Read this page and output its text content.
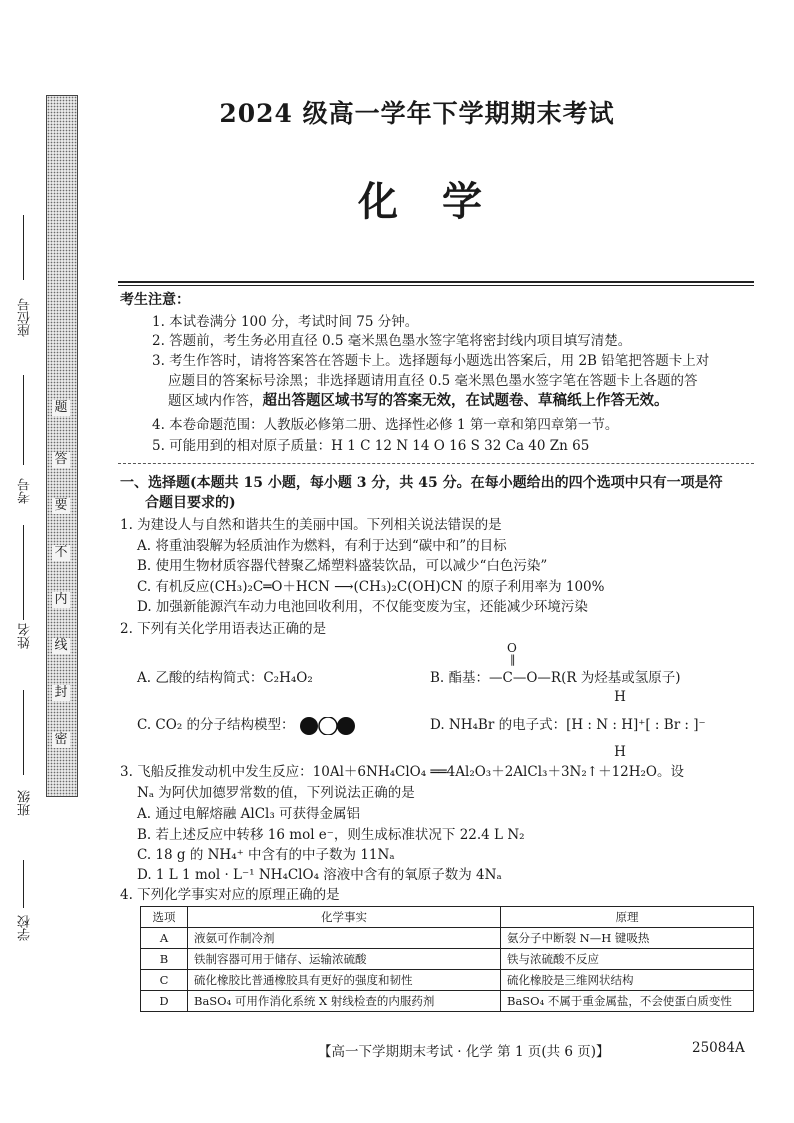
题
答
要
不
内
线
封
密
座位号
考号
姓名
班级
学校
2024 级高一学年下学期期末考试
化学
考生注意：
1. 本试卷满分 100 分，考试时间 75 分钟。
2. 答题前，考生务必用直径 0.5 毫米黑色墨水签字笔将密封线内项目填写清楚。
3. 考生作答时，请将答案答在答题卡上。选择题每小题选出答案后，用 2B 铅笔把答题卡上对
应题目的答案标号涂黑；非选择题请用直径 0.5 毫米黑色墨水签字笔在答题卡上各题的答
题区域内作答，超出答题区域书写的答案无效，在试题卷、草稿纸上作答无效。
4. 本卷命题范围：人教版必修第二册、选择性必修 1 第一章和第四章第一节。
5. 可能用到的相对原子质量：H 1 C 12 N 14 O 16 S 32 Ca 40 Zn 65
一、选择题(本题共 15 小题，每小题 3 分，共 45 分。在每小题给出的四个选项中只有一项是符
合题目要求的)
1. 为建设人与自然和谐共生的美丽中国。下列相关说法错误的是
A. 将重油裂解为轻质油作为燃料，有利于达到“碳中和”的目标
B. 使用生物材质容器代替聚乙烯塑料盛装饮品，可以减少“白色污染”
C. 有机反应(CH₃)₂C═O＋HCN ⟶(CH₃)₂C(OH)CN 的原子利用率为 100%
D. 加强新能源汽车动力电池回收利用，不仅能变废为宝，还能减少环境污染
2. 下列有关化学用语表达正确的是
A. 乙酸的结构简式：C₂H₄O₂	B. 酯基：
O
‖
—C—O—R(R 为烃基或氢原子)
C. CO₂ 的分子结构模型：	D. NH₄Br 的电子式：
H
H
[H : N : H]⁺[ : Br : ]⁻
3. 飞船反推发动机中发生反应：10Al＋6NH₄ClO₄ ══4Al₂O₃＋2AlCl₃＋3N₂↑＋12H₂O。设
Nₐ 为阿伏加德罗常数的值，下列说法正确的是
A. 通过电解熔融 AlCl₃ 可获得金属铝
B. 若上述反应中转移 16 mol e⁻，则生成标准状况下 22.4 L N₂
C. 18 g 的 NH₄⁺ 中含有的中子数为 11Nₐ
D. 1 L 1 mol · L⁻¹ NH₄ClO₄ 溶液中含有的氧原子数为 4Nₐ
4. 下列化学事实对应的原理正确的是
选项	化学事实	原理
A	液氨可作制冷剂	氨分子中断裂 N—H 键吸热
B	铁制容器可用于储存、运输浓硫酸	铁与浓硫酸不反应
C	硫化橡胶比普通橡胶具有更好的强度和韧性	硫化橡胶是三维网状结构
D	BaSO₄ 可用作消化系统 X 射线检查的内服药剂	BaSO₄ 不属于重金属盐，不会使蛋白质变性
【高一下学期期末考试 · 化学 第 1 页(共 6 页)】	25084A
